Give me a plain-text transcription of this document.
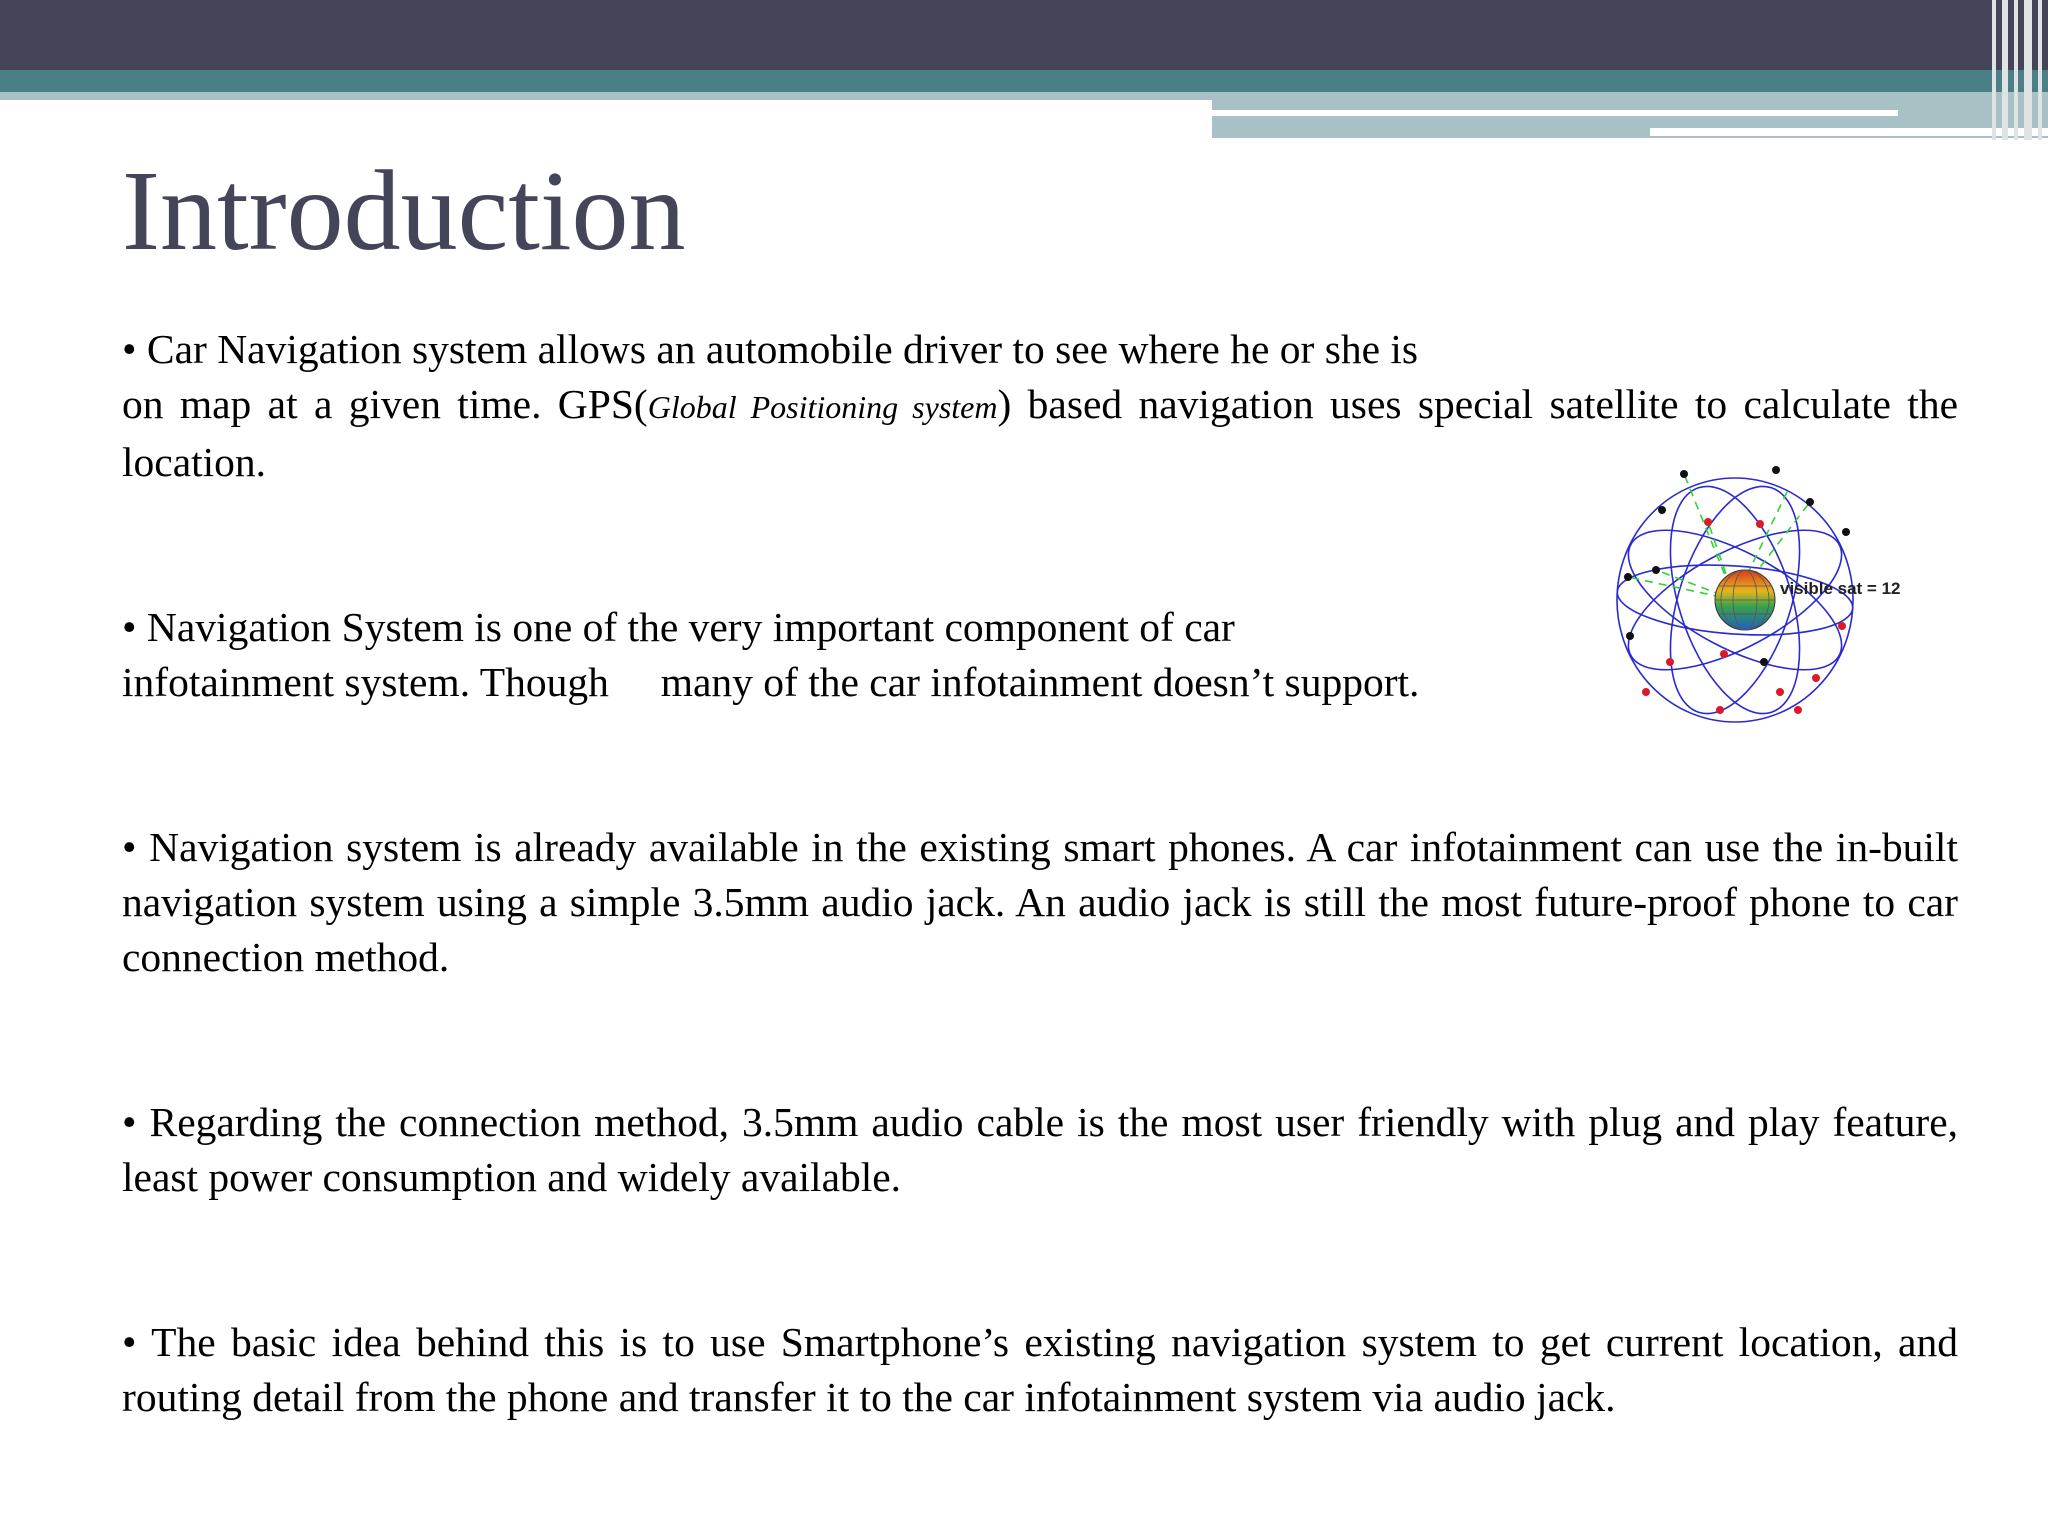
Introduction

• Car Navigation system allows an automobile driver to see where he or she is
on map at a given time. GPS(Global Positioning system) based navigation uses special satellite to calculate the location.

• Navigation System is one of the very important component of car
infotainment system. Though     many of the car infotainment doesn’t support.

• Navigation system is already available in the existing smart phones. A car infotainment can use the in-built navigation system using a simple 3.5mm audio jack. An audio jack is still the most future-proof phone to car connection method.

• Regarding the connection method, 3.5mm audio cable is the most user friendly with plug and play feature, least power consumption and widely available.

• The basic idea behind this is to use Smartphone’s existing navigation system to get current location, and routing detail from the phone and transfer it to the car infotainment system via audio jack.

visible sat = 12
